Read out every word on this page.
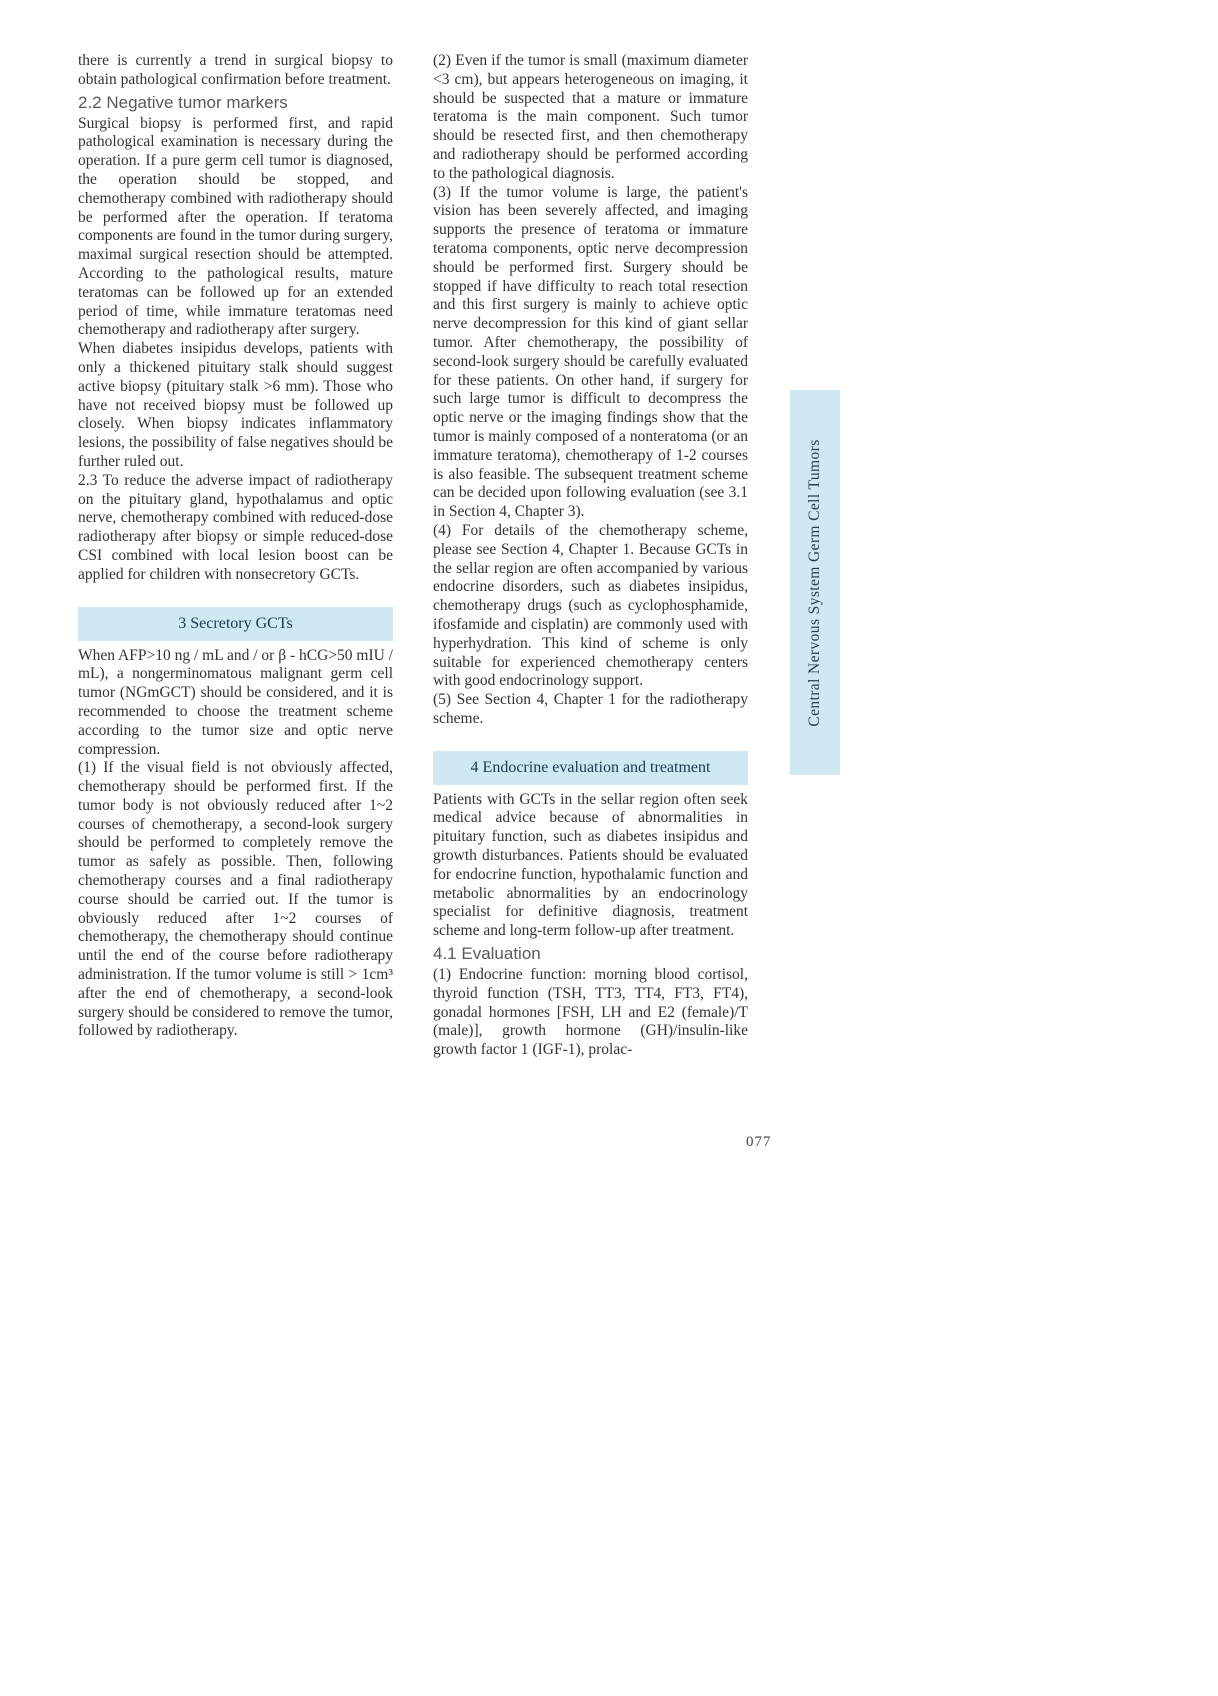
there is currently a trend in surgical biopsy to obtain pathological confirmation before treatment.

2.2 Negative tumor markers

Surgical biopsy is performed first, and rapid pathological examination is necessary during the operation. If a pure germ cell tumor is diagnosed, the operation should be stopped, and chemotherapy combined with radiotherapy should be performed after the operation. If teratoma components are found in the tumor during surgery, maximal surgical resection should be attempted. According to the pathological results, mature teratomas can be followed up for an extended period of time, while immature teratomas need chemotherapy and radiotherapy after surgery.

When diabetes insipidus develops, patients with only a thickened pituitary stalk should suggest active biopsy (pituitary stalk >6 mm). Those who have not received biopsy must be followed up closely. When biopsy indicates inflammatory lesions, the possibility of false negatives should be further ruled out.

2.3 To reduce the adverse impact of radiotherapy on the pituitary gland, hypothalamus and optic nerve, chemotherapy combined with reduced-dose radiotherapy after biopsy or simple reduced-dose CSI combined with local lesion boost can be applied for children with nonsecretory GCTs.

3 Secretory GCTs

When AFP>10 ng / mL and / or β - hCG>50 mIU / mL), a nongerminomatous malignant germ cell tumor (NGmGCT) should be considered, and it is recommended to choose the treatment scheme according to the tumor size and optic nerve compression.

(1) If the visual field is not obviously affected, chemotherapy should be performed first. If the tumor body is not obviously reduced after 1~2 courses of chemotherapy, a second-look surgery should be performed to completely remove the tumor as safely as possible. Then, following chemotherapy courses and a final radiotherapy course should be carried out. If the tumor is obviously reduced after 1~2 courses of chemotherapy, the chemotherapy should continue until the end of the course before radiotherapy administration. If the tumor volume is still > 1cm³ after the end of chemotherapy, a second-look surgery should be considered to remove the tumor, followed by radiotherapy.

(2) Even if the tumor is small (maximum diameter <3 cm), but appears heterogeneous on imaging, it should be suspected that a mature or immature teratoma is the main component. Such tumor should be resected first, and then chemotherapy and radiotherapy should be performed according to the pathological diagnosis.

(3) If the tumor volume is large, the patient's vision has been severely affected, and imaging supports the presence of teratoma or immature teratoma components, optic nerve decompression should be performed first. Surgery should be stopped if have difficulty to reach total resection and this first surgery is mainly to achieve optic nerve decompression for this kind of giant sellar tumor. After chemotherapy, the possibility of second-look surgery should be carefully evaluated for these patients. On other hand, if surgery for such large tumor is difficult to decompress the optic nerve or the imaging findings show that the tumor is mainly composed of a nonteratoma (or an immature teratoma), chemotherapy of 1-2 courses is also feasible. The subsequent treatment scheme can be decided upon following evaluation (see 3.1 in Section 4, Chapter 3).

(4) For details of the chemotherapy scheme, please see Section 4, Chapter 1. Because GCTs in the sellar region are often accompanied by various endocrine disorders, such as diabetes insipidus, chemotherapy drugs (such as cyclophosphamide, ifosfamide and cisplatin) are commonly used with hyperhydration. This kind of scheme is only suitable for experienced chemotherapy centers with good endocrinology support.

(5) See Section 4, Chapter 1 for the radiotherapy scheme.

4 Endocrine evaluation and treatment

Patients with GCTs in the sellar region often seek medical advice because of abnormalities in pituitary function, such as diabetes insipidus and growth disturbances. Patients should be evaluated for endocrine function, hypothalamic function and metabolic abnormalities by an endocrinology specialist for definitive diagnosis, treatment scheme and long-term follow-up after treatment.

4.1 Evaluation

(1) Endocrine function: morning blood cortisol, thyroid function (TSH, TT3, TT4, FT3, FT4), gonadal hormones [FSH, LH and E2 (female)/T (male)], growth hormone (GH)/insulin-like growth factor 1 (IGF-1), prolac-

Central Nervous System Germ Cell Tumors
077
